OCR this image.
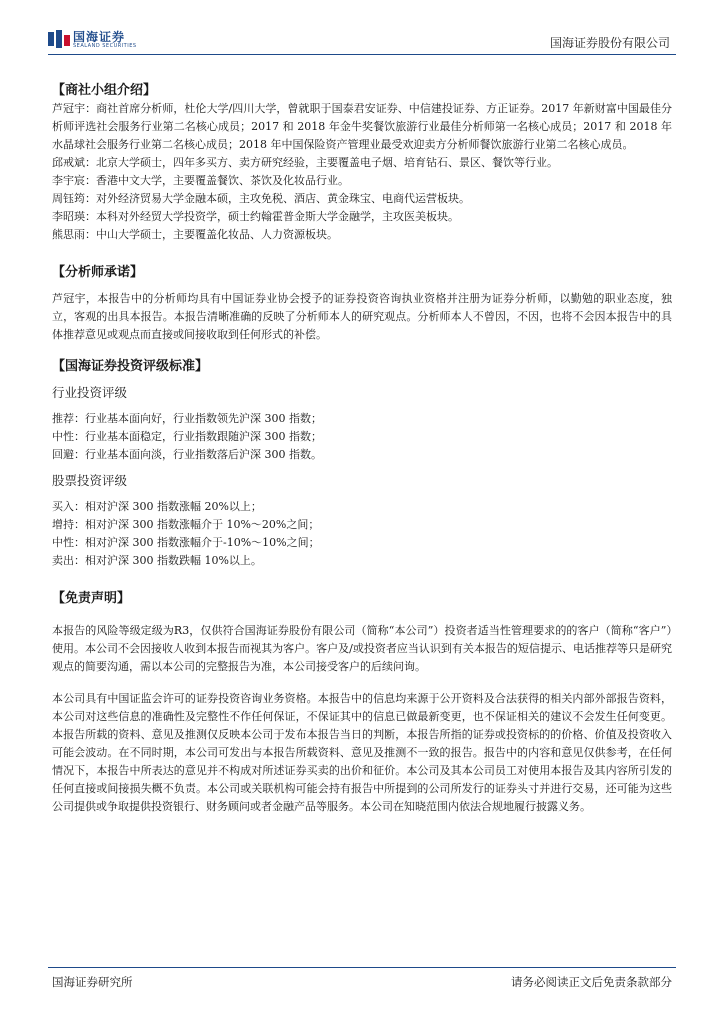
国海证券
SEALAND SECURITIES	国海证券股份有限公司
【商社小组介绍】

芦冠宇：商社首席分析师，杜伦大学/四川大学，曾就职于国泰君安证券、中信建投证券、方正证券。2017 年新财富中国最佳分析师评选社会服务行业第二名核心成员；2017 和 2018 年金牛奖餐饮旅游行业最佳分析师第一名核心成员；2017 和 2018 年水晶球社会服务行业第二名核心成员；2018 年中国保险资产管理业最受欢迎卖方分析师餐饮旅游行业第二名核心成员。

邱戒斌：北京大学硕士，四年多买方、卖方研究经验，主要覆盖电子烟、培育钻石、景区、餐饮等行业。

李宇宸：香港中文大学，主要覆盖餐饮、茶饮及化妆品行业。

周钰筠：对外经济贸易大学金融本硕，主攻免税、酒店、黄金珠宝、电商代运营板块。

李昭瑛：本科对外经贸大学投资学，硕士约翰霍普金斯大学金融学，主攻医美板块。

熊思雨：中山大学硕士，主要覆盖化妆品、人力资源板块。

【分析师承诺】

芦冠宇，本报告中的分析师均具有中国证券业协会授予的证券投资咨询执业资格并注册为证券分析师，以勤勉的职业态度，独立，客观的出具本报告。本报告清晰准确的反映了分析师本人的研究观点。分析师本人不曾因，不因，也将不会因本报告中的具体推荐意见或观点而直接或间接收取到任何形式的补偿。

【国海证券投资评级标准】
行业投资评级

推荐：行业基本面向好，行业指数领先沪深 300 指数；

中性：行业基本面稳定，行业指数跟随沪深 300 指数；

回避：行业基本面向淡，行业指数落后沪深 300 指数。

股票投资评级

买入：相对沪深 300 指数涨幅 20%以上；

增持：相对沪深 300 指数涨幅介于 10%～20%之间；

中性：相对沪深 300 指数涨幅介于-10%～10%之间；

卖出：相对沪深 300 指数跌幅 10%以上。

【免责声明】

本报告的风险等级定级为R3，仅供符合国海证券股份有限公司（简称“本公司”）投资者适当性管理要求的的客户（简称“客户”）使用。本公司不会因接收人收到本报告而视其为客户。客户及/或投资者应当认识到有关本报告的短信提示、电话推荐等只是研究观点的简要沟通，需以本公司的完整报告为准，本公司接受客户的后续问询。

本公司具有中国证监会许可的证券投资咨询业务资格。本报告中的信息均来源于公开资料及合法获得的相关内部外部报告资料，本公司对这些信息的准确性及完整性不作任何保证，不保证其中的信息已做最新变更，也不保证相关的建议不会发生任何变更。本报告所载的资料、意见及推测仅反映本公司于发布本报告当日的判断，本报告所指的证券或投资标的的价格、价值及投资收入可能会波动。在不同时期，本公司可发出与本报告所载资料、意见及推测不一致的报告。报告中的内容和意见仅供参考，在任何情况下，本报告中所表达的意见并不构成对所述证券买卖的出价和征价。本公司及其本公司员工对使用本报告及其内容所引发的任何直接或间接损失概不负责。本公司或关联机构可能会持有报告中所提到的公司所发行的证券头寸并进行交易，还可能为这些公司提供或争取提供投资银行、财务顾问或者金融产品等服务。本公司在知晓范围内依法合规地履行披露义务。

国海证券研究所	请务必阅读正文后免责条款部分
